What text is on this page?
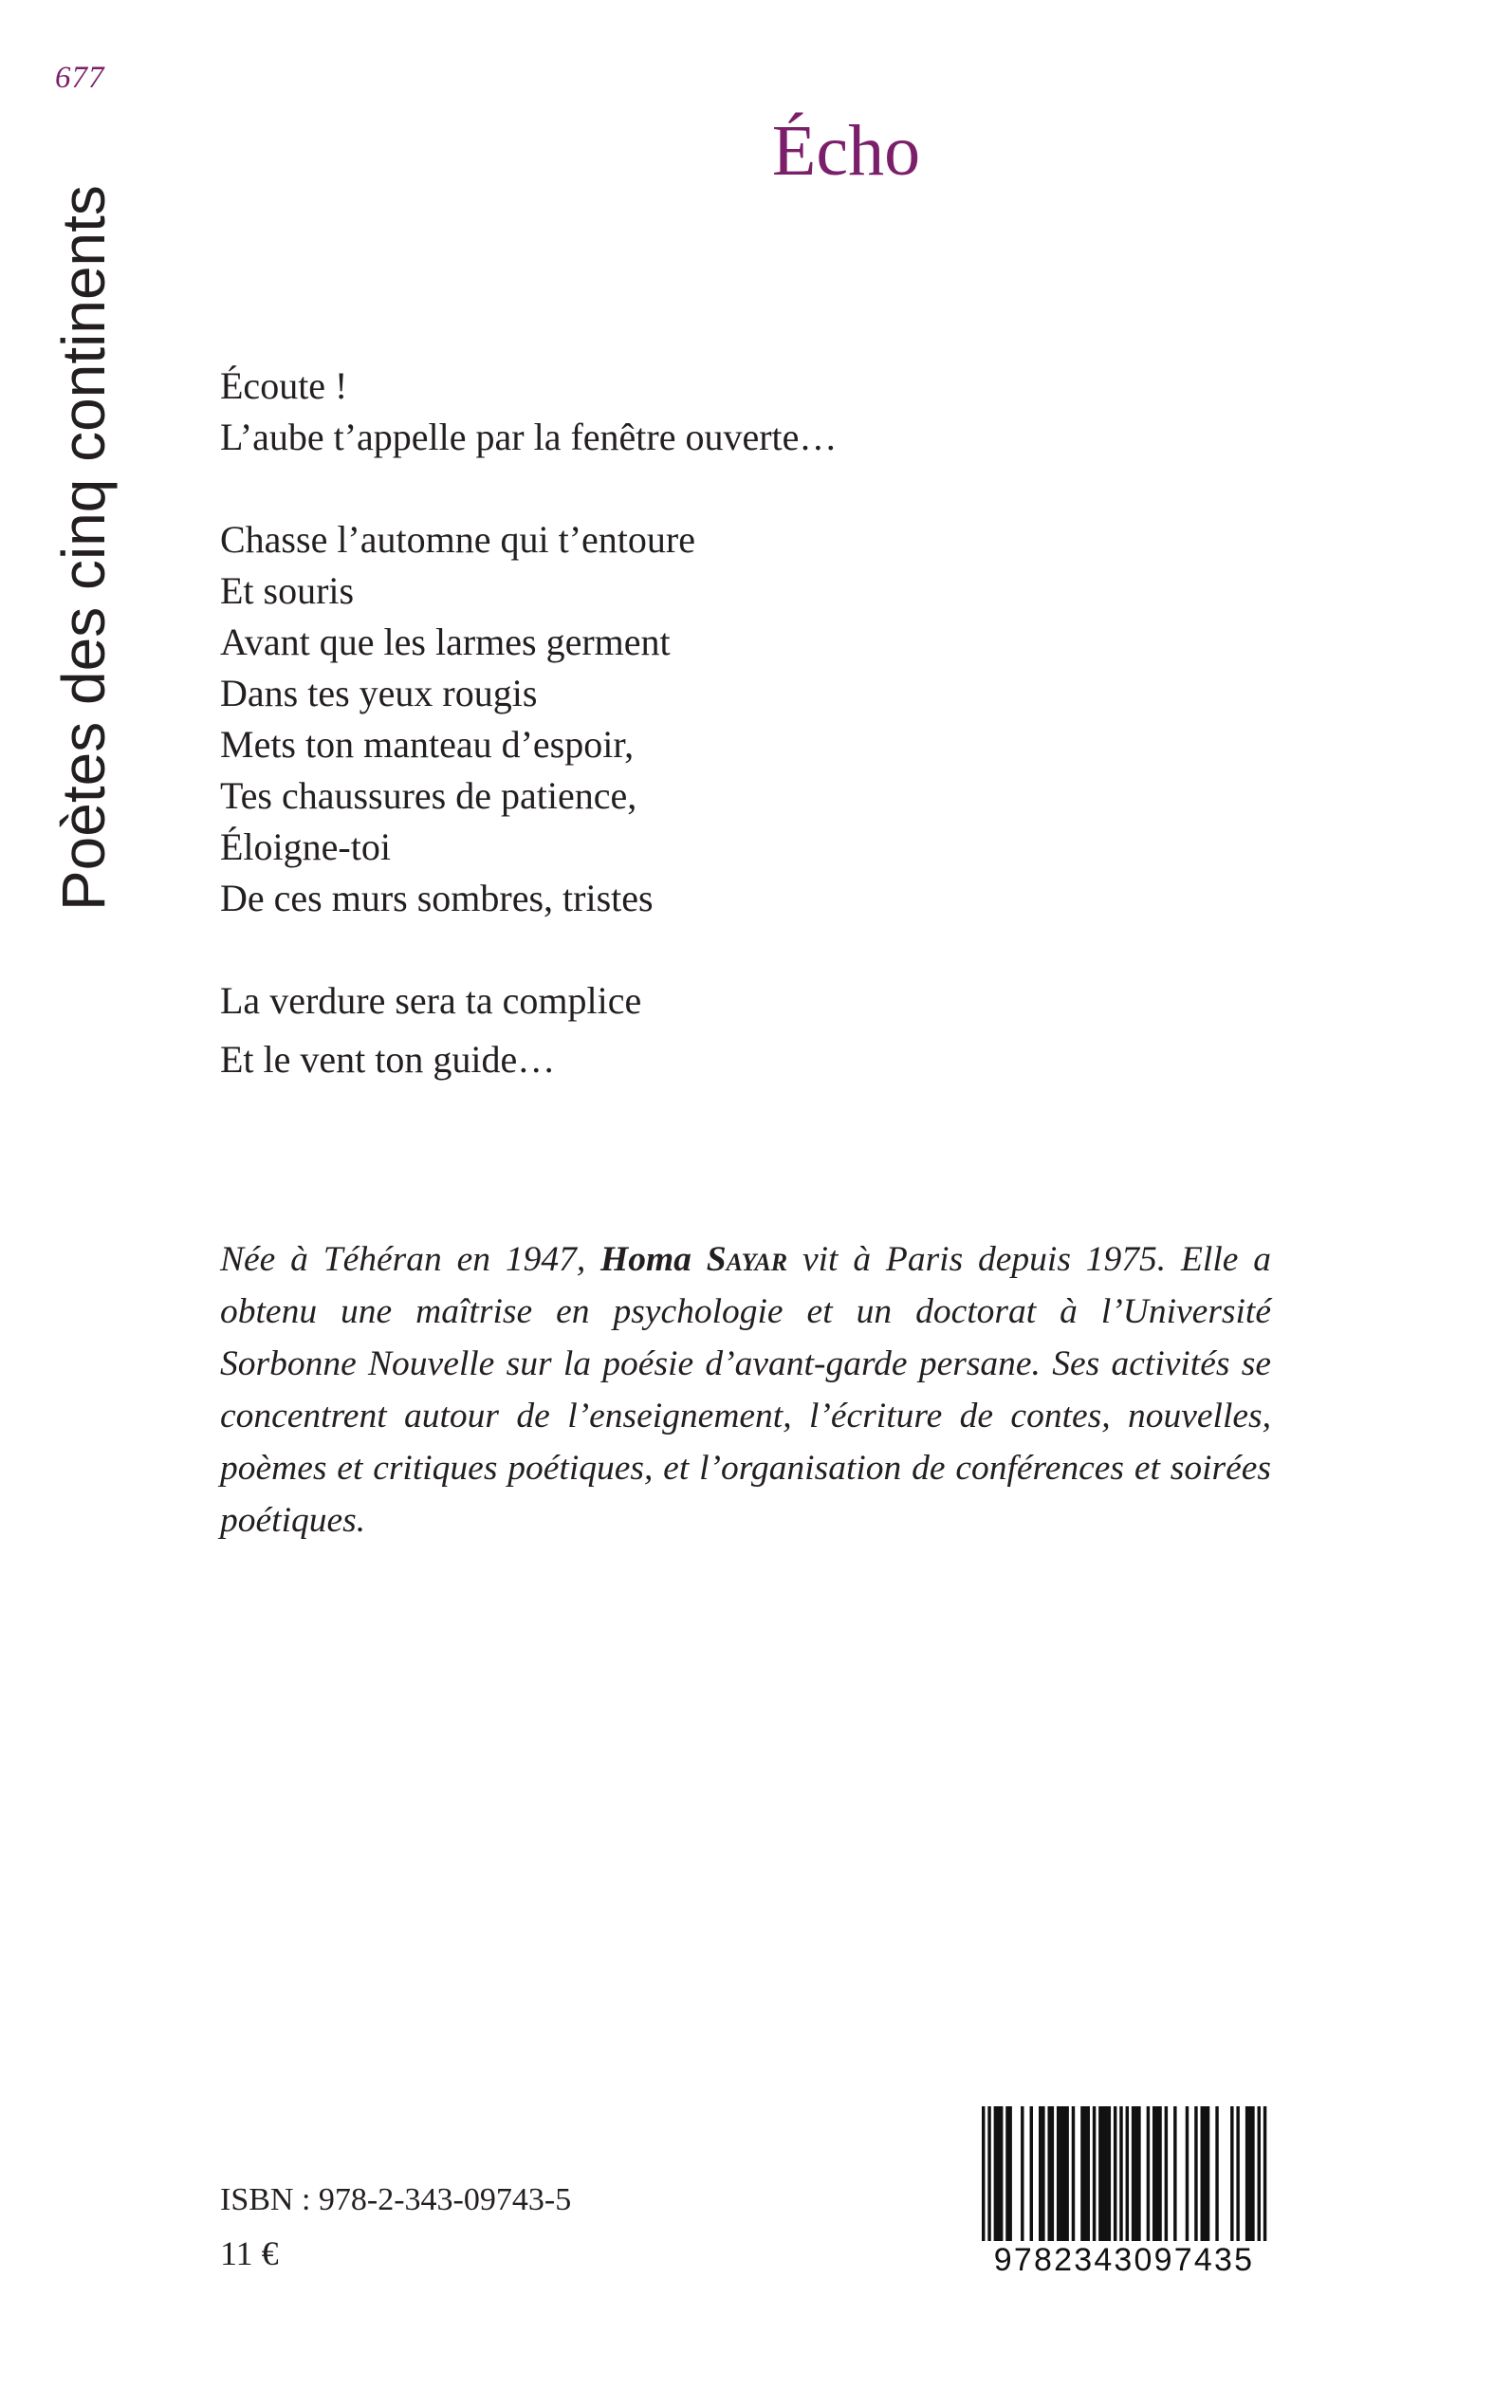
677
Poètes des cinq continents
Écho
Écoute !
L’aube t’appelle par la fenêtre ouverte…
Chasse l’automne qui t’entoure
Et souris
Avant que les larmes germent
Dans tes yeux rougis
Mets ton manteau d’espoir,
Tes chaussures de patience,
Éloigne-toi
De ces murs sombres, tristes
La verdure sera ta complice
Et le vent ton guide…

Née à Téhéran en 1947, Homa Sayar vit à Paris depuis 1975. Elle a obtenu une maîtrise en psychologie et un doctorat à l’Université Sorbonne Nouvelle sur la poésie d’avant-garde persane. Ses activités se concentrent autour de l’enseignement, l’écriture de contes, nouvelles, poèmes et critiques poétiques, et l’organisation de conférences et soirées poétiques.

ISBN : 978-2-343-09743-5
11 €	9782343097435
